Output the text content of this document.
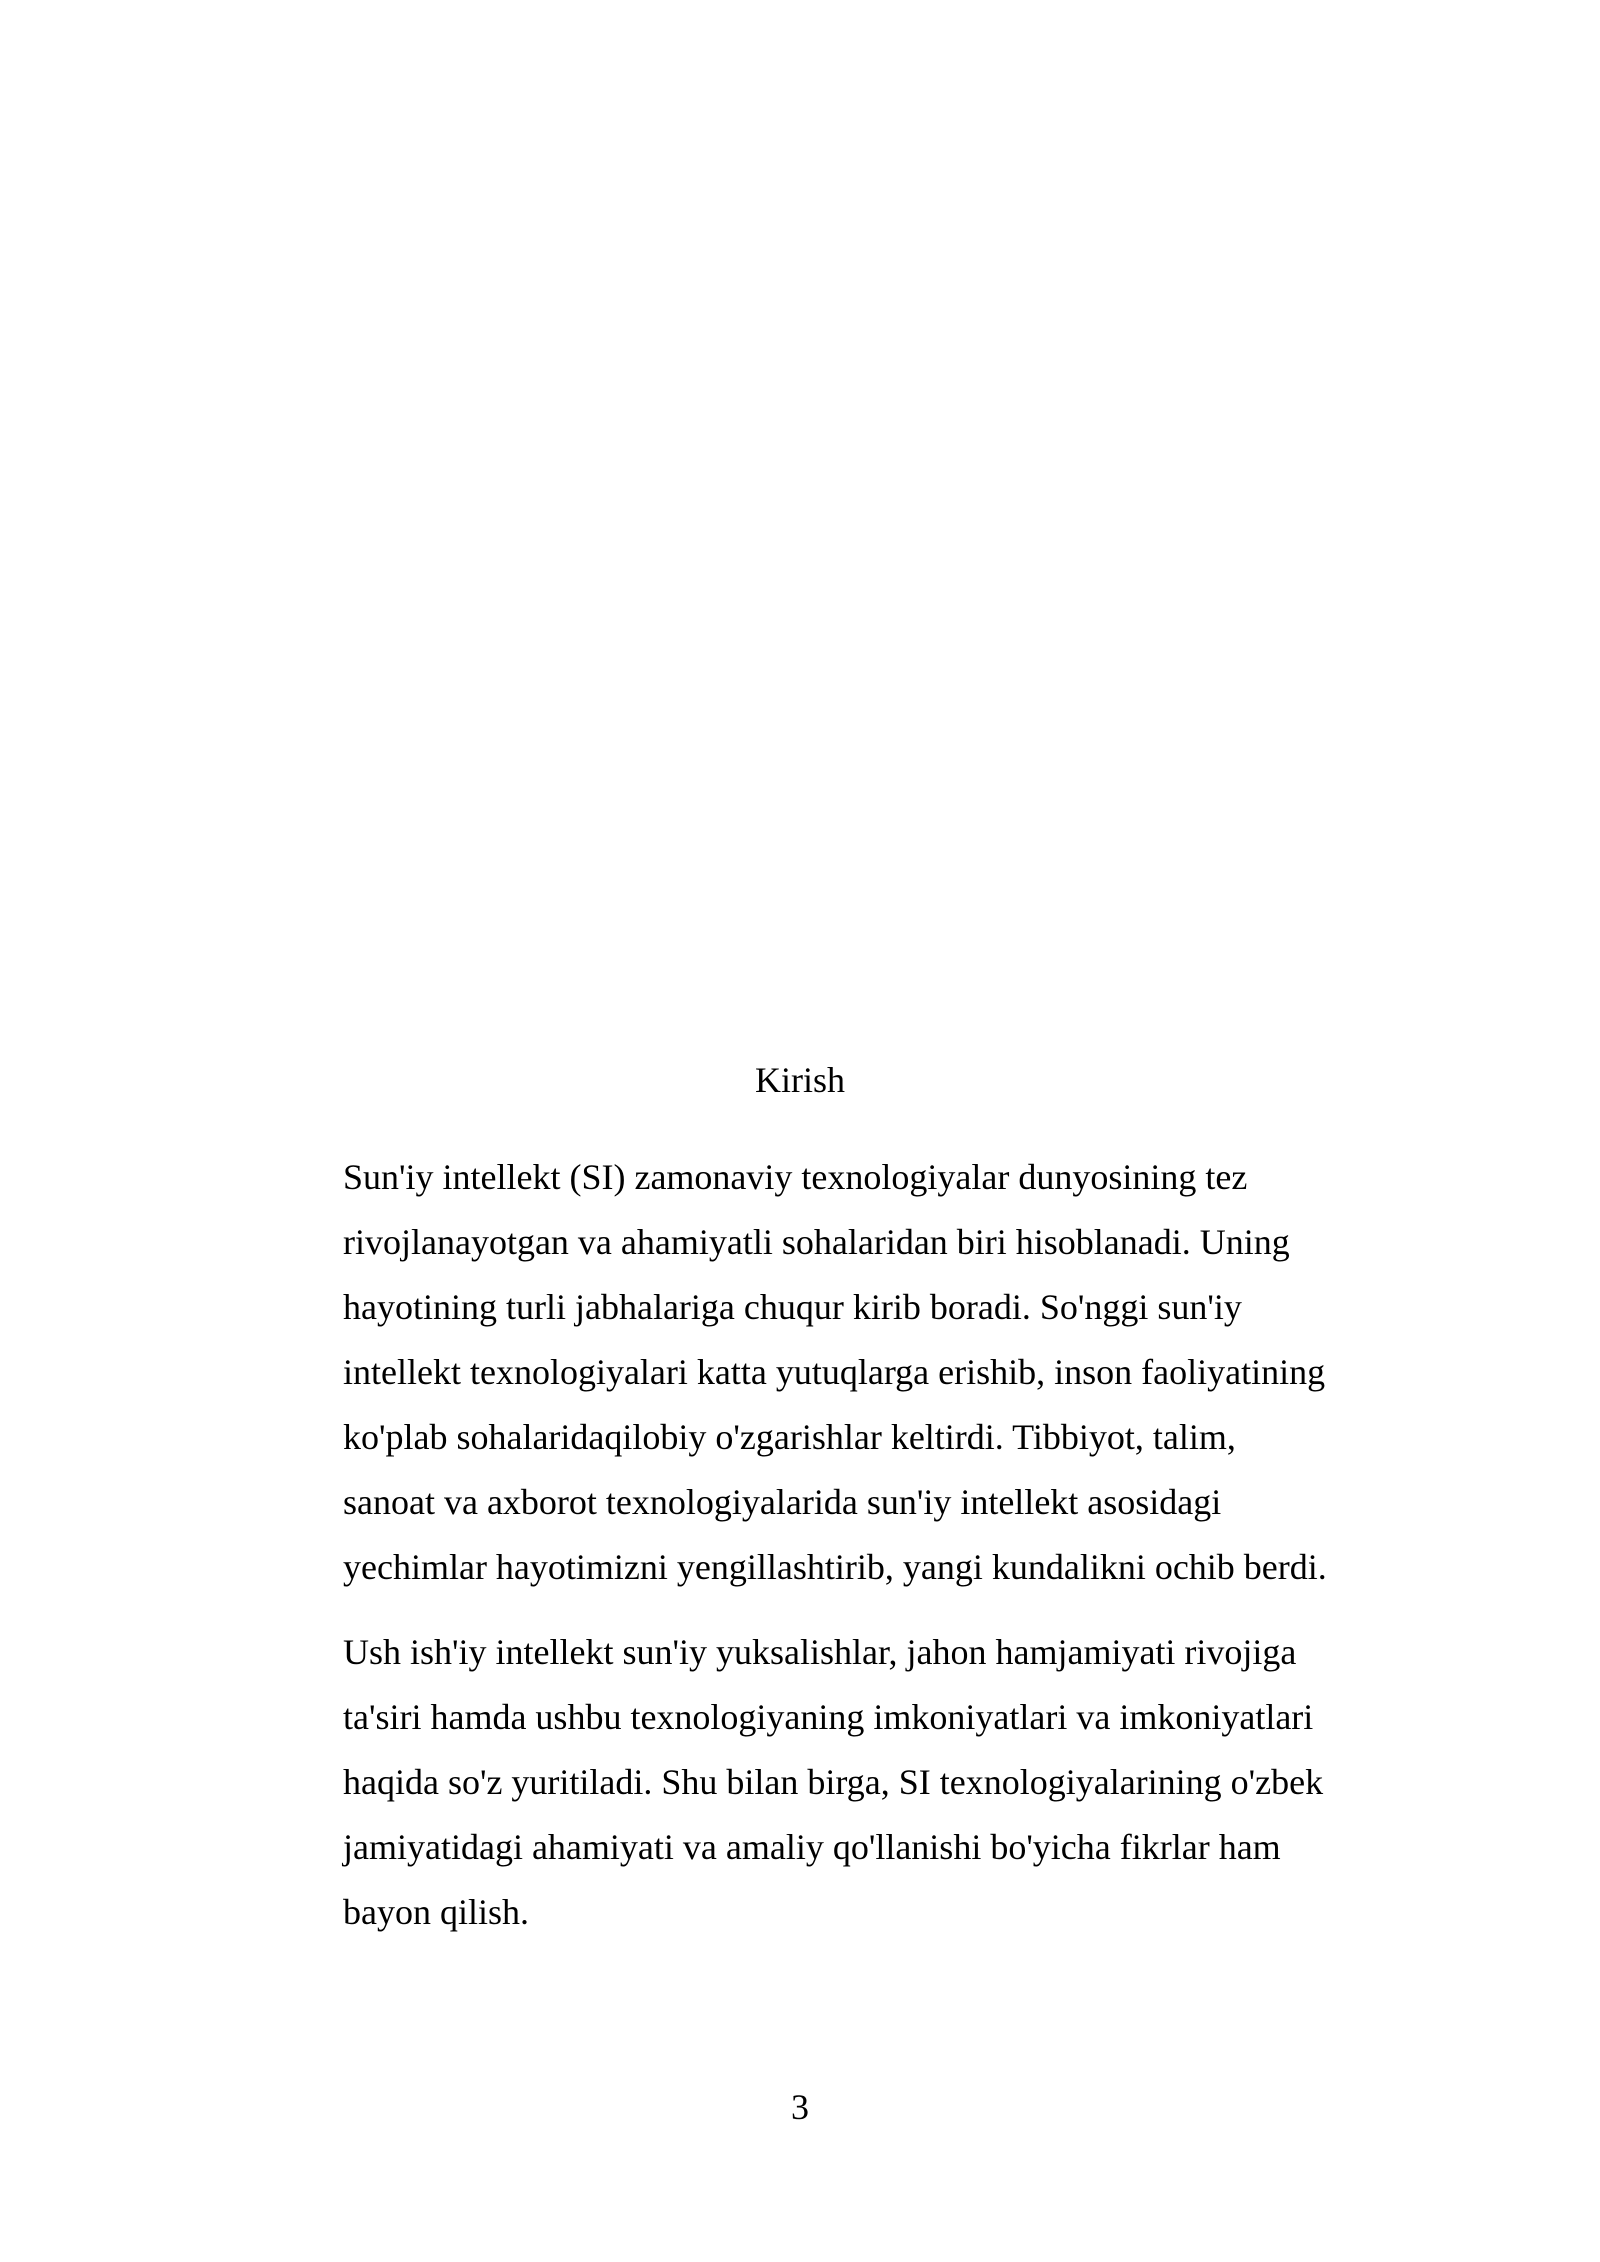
Kirish
Sun'iy intellekt (SI) zamonaviy texnologiyalar dunyosining tez
rivojlanayotgan va ahamiyatli sohalaridan biri hisoblanadi. Uning
hayotining turli jabhalariga chuqur kirib boradi. So'nggi sun'iy
intellekt texnologiyalari katta yutuqlarga erishib, inson faoliyatining
ko'plab sohalaridaqilobiy o'zgarishlar keltirdi. Tibbiyot, talim,
sanoat va axborot texnologiyalarida sun'iy intellekt asosidagi
yechimlar hayotimizni yengillashtirib, yangi kundalikni ochib berdi.
Ush ish'iy intellekt sun'iy yuksalishlar, jahon hamjamiyati rivojiga
ta'siri hamda ushbu texnologiyaning imkoniyatlari va imkoniyatlari
haqida so'z yuritiladi. Shu bilan birga, SI texnologiyalarining o'zbek
jamiyatidagi ahamiyati va amaliy qo'llanishi bo'yicha fikrlar ham
bayon qilish.
3
